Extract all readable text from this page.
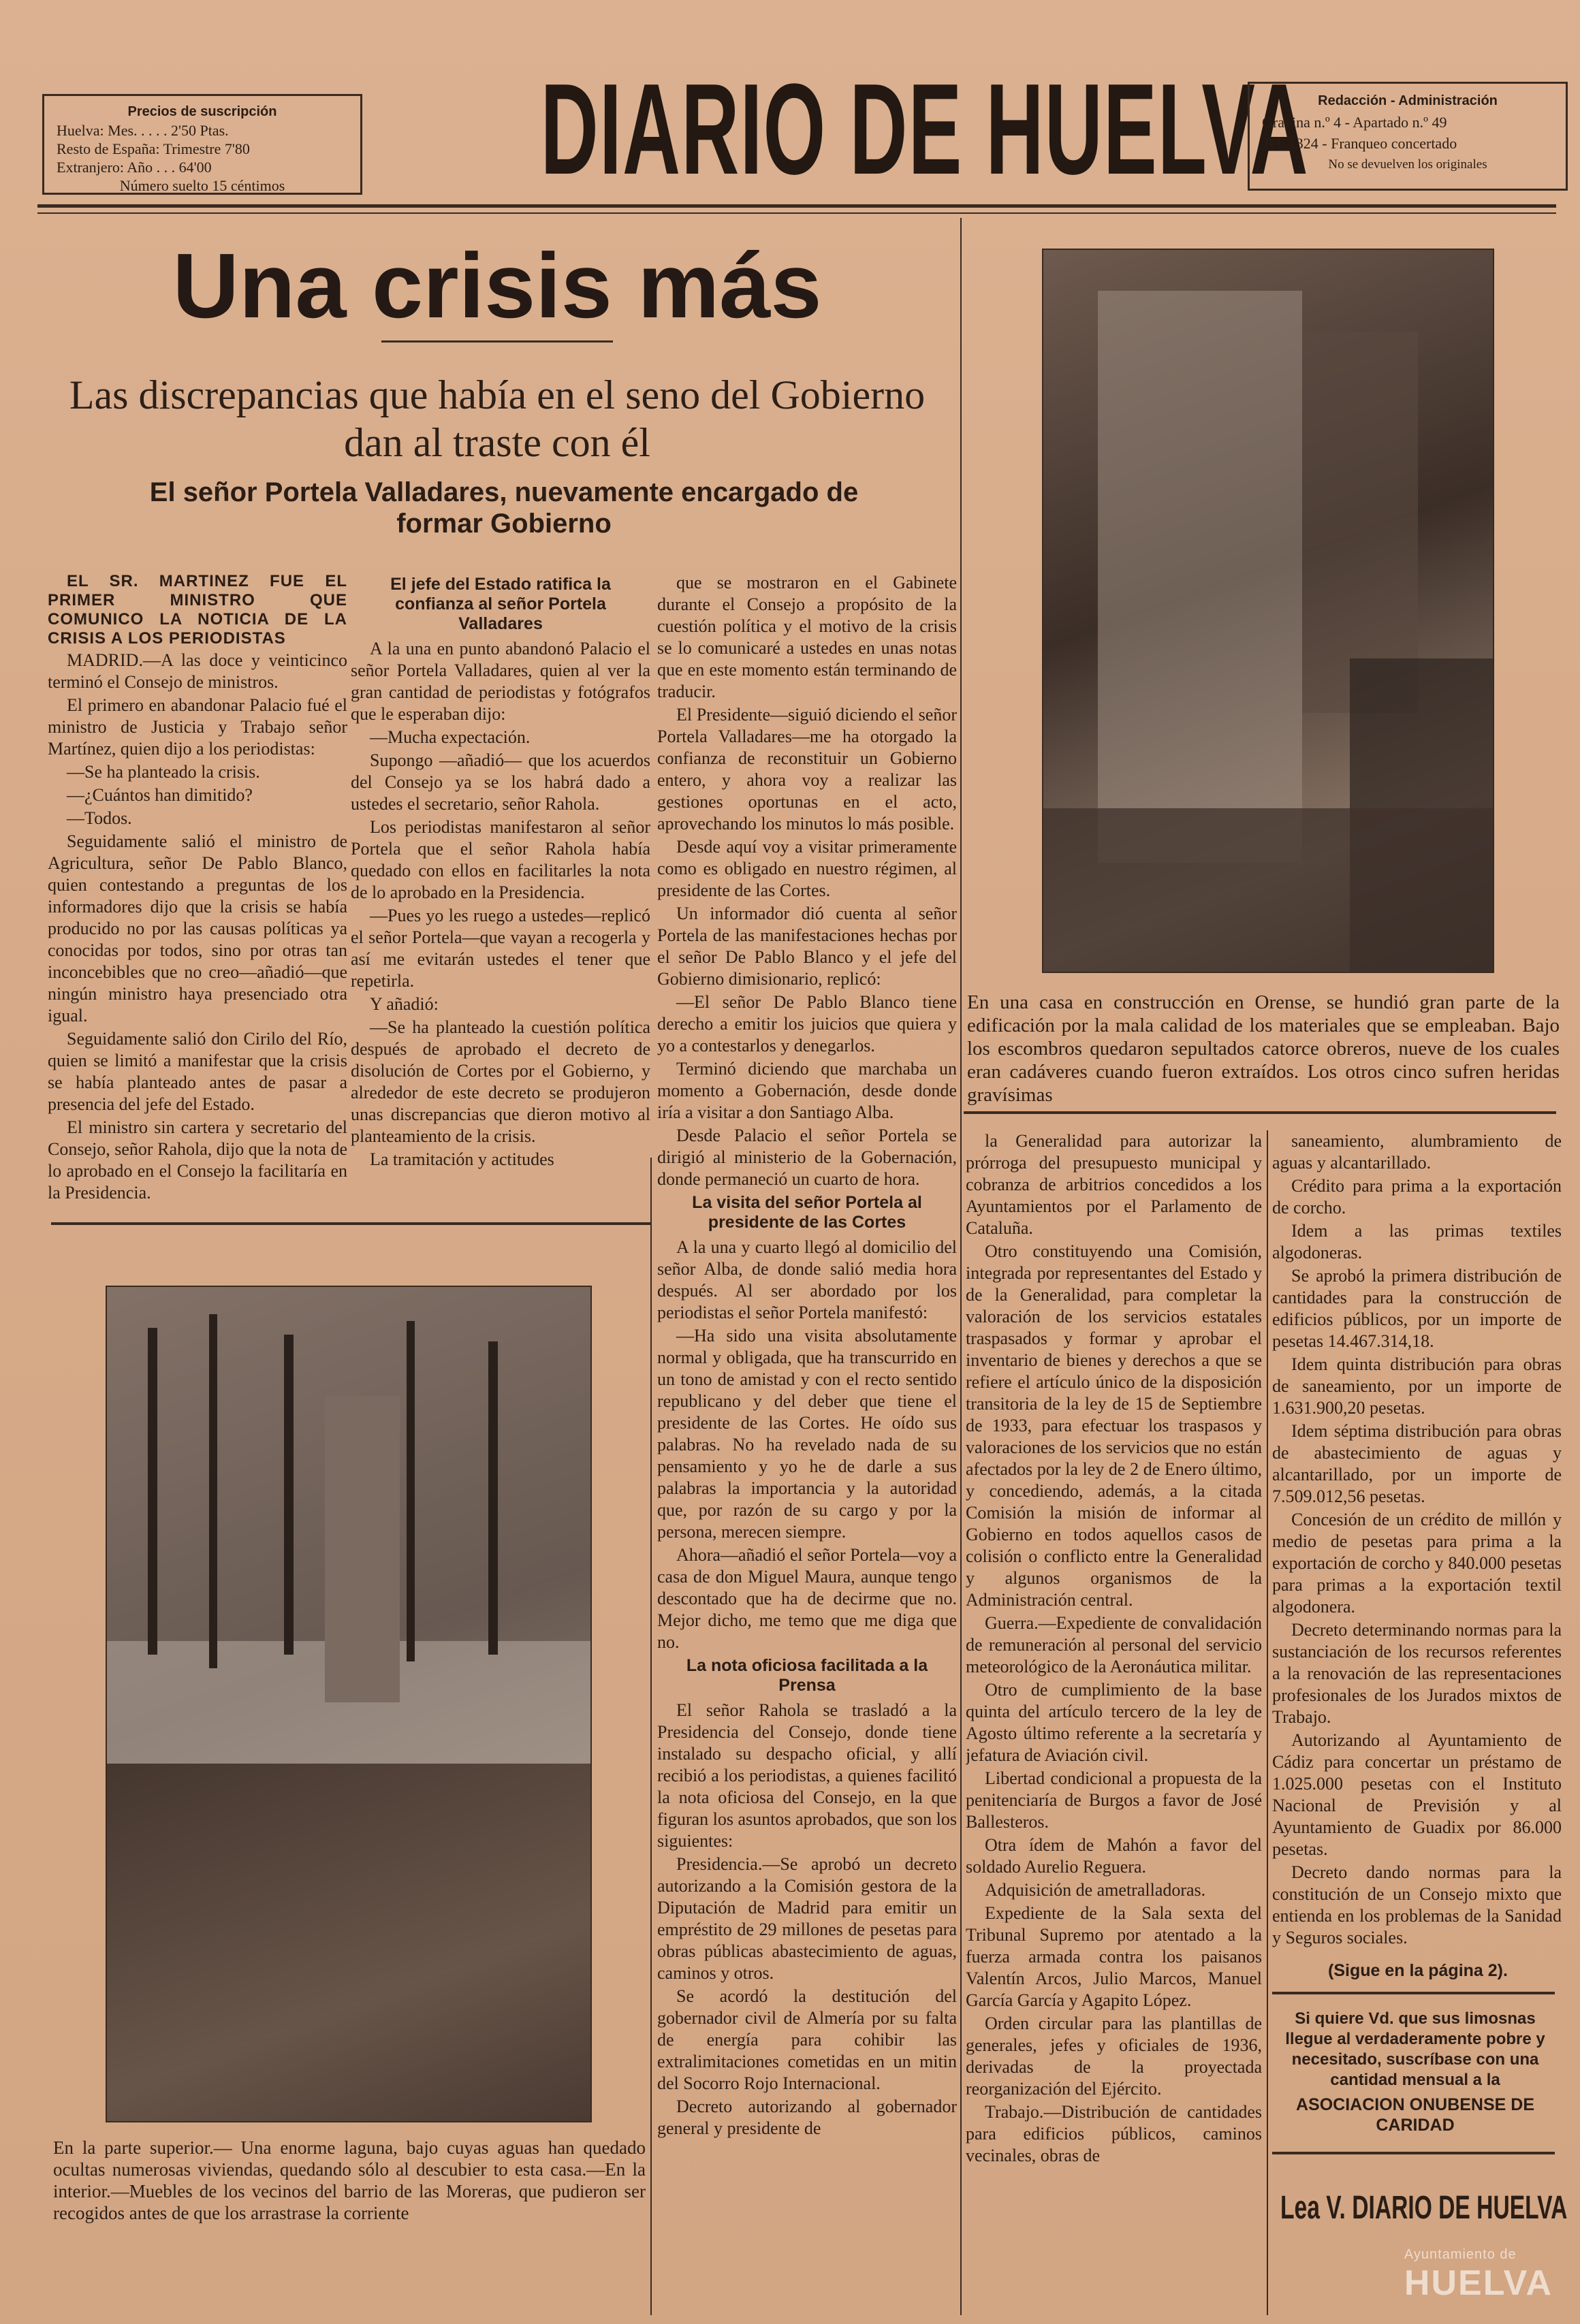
Precios de suscripción
Huelva: Mes. . . . . 2'50 Ptas.
Resto de España: Trimestre 7'80
Extranjero: Año . . . 64'00
Número suelto 15 céntimos	DIARIO DE HUELVA Redacción - Administración
Gravina n.º 4 - Apartado n.º 49
Tel. 1324 - Franqueo concertado
No se devuelven los originales
Una crisis más
Las discrepancias que había en el seno del Gobierno dan al traste con él
El señor Portela Valladares, nuevamente encargado de formar Gobierno

EL SR. MARTINEZ FUE EL PRIMER MINISTRO QUE COMUNICO LA NOTICIA DE LA CRISIS A LOS PERIODISTAS

MADRID.—A las doce y veinticinco terminó el Consejo de ministros.

El primero en abandonar Palacio fué el ministro de Justicia y Trabajo señor Martínez, quien dijo a los periodistas:

—Se ha planteado la crisis.

—¿Cuántos han dimitido?

—Todos.

Seguidamente salió el ministro de Agricultura, señor De Pablo Blanco, quien contestando a preguntas de los informadores dijo que la crisis se había producido no por las causas políticas ya conocidas por todos, sino por otras tan inconcebibles que no creo—añadió—que ningún ministro haya presenciado otra igual.

Seguidamente salió don Cirilo del Río, quien se limitó a manifestar que la crisis se había planteado antes de pasar a presencia del jefe del Estado.

El ministro sin cartera y secretario del Consejo, señor Rahola, dijo que la nota de lo aprobado en el Consejo la facilitaría en la Presidencia.

El jefe del Estado ratifica la confianza al señor Portela Valladares

A la una en punto abandonó Palacio el señor Portela Valladares, quien al ver la gran cantidad de periodistas y fotógrafos que le esperaban dijo:

—Mucha expectación.

Supongo —añadió— que los acuerdos del Consejo ya se los habrá dado a ustedes el secretario, señor Rahola.

Los periodistas manifestaron al señor Portela que el señor Rahola había quedado con ellos en facilitarles la nota de lo aprobado en la Presidencia.

—Pues yo les ruego a ustedes—replicó el señor Portela—que vayan a recogerla y así me evitarán ustedes el tener que repetirla.

Y añadió:

—Se ha planteado la cuestión política después de aprobado el decreto de disolución de Cortes por el Gobierno, y alrededor de este decreto se produjeron unas discrepancias que dieron motivo al planteamiento de la crisis.

La tramitación y actitudes

que se mostraron en el Gabinete durante el Consejo a propósito de la cuestión política y el motivo de la crisis se lo comunicaré a ustedes en unas notas que en este momento están terminando de traducir.

El Presidente—siguió diciendo el señor Portela Valladares—me ha otorgado la confianza de reconstituir un Gobierno entero, y ahora voy a realizar las gestiones oportunas en el acto, aprovechando los minutos lo más posible.

Desde aquí voy a visitar primeramente como es obligado en nuestro régimen, al presidente de las Cortes.

Un informador dió cuenta al señor Portela de las manifestaciones hechas por el señor De Pablo Blanco y el jefe del Gobierno dimisionario, replicó:

—El señor De Pablo Blanco tiene derecho a emitir los juicios que quiera y yo a contestarlos y denegarlos.

Terminó diciendo que marchaba un momento a Gobernación, desde donde iría a visitar a don Santiago Alba.

Desde Palacio el señor Portela se dirigió al ministerio de la Gobernación, donde permaneció un cuarto de hora.

La visita del señor Portela al presidente de las Cortes

A la una y cuarto llegó al domicilio del señor Alba, de donde salió media hora después. Al ser abordado por los periodistas el señor Portela manifestó:

—Ha sido una visita absolutamente normal y obligada, que ha transcurrido en un tono de amistad y con el recto sentido republicano y del deber que tiene el presidente de las Cortes. He oído sus palabras. No ha revelado nada de su pensamiento y yo he de darle a sus palabras la importancia y la autoridad que, por razón de su cargo y por la persona, merecen siempre.

Ahora—añadió el señor Portela—voy a casa de don Miguel Maura, aunque tengo descontado que ha de decirme que no. Mejor dicho, me temo que me diga que no.

La nota oficiosa facilitada a la Prensa

El señor Rahola se trasladó a la Presidencia del Consejo, donde tiene instalado su despacho oficial, y allí recibió a los periodistas, a quienes facilitó la nota oficiosa del Consejo, en la que figuran los asuntos aprobados, que son los siguientes:

Presidencia.—Se aprobó un decreto autorizando a la Comisión gestora de la Diputación de Madrid para emitir un empréstito de 29 millones de pesetas para obras públicas abastecimiento de aguas, caminos y otros.

Se acordó la destitución del gobernador civil de Almería por su falta de energía para cohibir las extralimitaciones cometidas en un mitin del Socorro Rojo Internacional.

Decreto autorizando al gobernador general y presidente de

En una casa en construcción en Orense, se hundió gran parte de la edificación por la mala calidad de los materiales que se empleaban. Bajo los escombros quedaron sepultados catorce obreros, nueve de los cuales eran cadáveres cuando fueron extraídos. Los otros cinco sufren heridas gravísimas

la Generalidad para autorizar la prórroga del presupuesto municipal y cobranza de arbitrios concedidos a los Ayuntamientos por el Parlamento de Cataluña.

Otro constituyendo una Comisión, integrada por representantes del Estado y de la Generalidad, para completar la valoración de los servicios estatales traspasados y formar y aprobar el inventario de bienes y derechos a que se refiere el artículo único de la disposición transitoria de la ley de 15 de Septiembre de 1933, para efectuar los traspasos y valoraciones de los servicios que no están afectados por la ley de 2 de Enero último, y concediendo, además, a la citada Comisión la misión de informar al Gobierno en todos aquellos casos de colisión o conflicto entre la Generalidad y algunos organismos de la Administración central.

Guerra.—Expediente de convalidación de remuneración al personal del servicio meteorológico de la Aeronáutica militar.

Otro de cumplimiento de la base quinta del artículo tercero de la ley de Agosto último referente a la secretaría y jefatura de Aviación civil.

Libertad condicional a propuesta de la penitenciaría de Burgos a favor de José Ballesteros.

Otra ídem de Mahón a favor del soldado Aurelio Reguera.

Adquisición de ametralladoras.

Expediente de la Sala sexta del Tribunal Supremo por atentado a la fuerza armada contra los paisanos Valentín Arcos, Julio Marcos, Manuel García García y Agapito López.

Orden circular para las plantillas de generales, jefes y oficiales de 1936, derivadas de la proyectada reorganización del Ejército.

Trabajo.—Distribución de cantidades para edificios públicos, caminos vecinales, obras de

saneamiento, alumbramiento de aguas y alcantarillado.

Crédito para prima a la exportación de corcho.

Idem a las primas textiles algodoneras.

Se aprobó la primera distribución de cantidades para la construcción de edificios públicos, por un importe de pesetas 14.467.314,18.

Idem quinta distribución para obras de saneamiento, por un importe de 1.631.900,20 pesetas.

Idem séptima distribución para obras de abastecimiento de aguas y alcantarillado, por un importe de 7.509.012,56 pesetas.

Concesión de un crédito de millón y medio de pesetas para prima a la exportación de corcho y 840.000 pesetas para primas a la exportación textil algodonera.

Decreto determinando normas para la sustanciación de los recursos referentes a la renovación de las representaciones profesionales de los Jurados mixtos de Trabajo.

Autorizando al Ayuntamiento de Cádiz para concertar un préstamo de 1.025.000 pesetas con el Instituto Nacional de Previsión y al Ayuntamiento de Guadix por 86.000 pesetas.

Decreto dando normas para la constitución de un Consejo mixto que entienda en los problemas de la Sanidad y Seguros sociales.

(Sigue en la página 2).
Si quiere Vd. que sus limosnas llegue al verdaderamente pobre y necesitado, suscríbase con una cantidad mensual a la
ASOCIACION ONUBENSE DE CARIDAD
Lea V. DIARIO DE HUELVA
En la parte superior.— Una enorme laguna, bajo cuyas aguas han quedado ocultas numerosas viviendas, quedando sólo al descubier to esta casa.—En la interior.—Muebles de los vecinos del barrio de las Moreras, que pudieron ser recogidos antes de que los arrastrase la corriente
Ayuntamiento de
HUELVA
